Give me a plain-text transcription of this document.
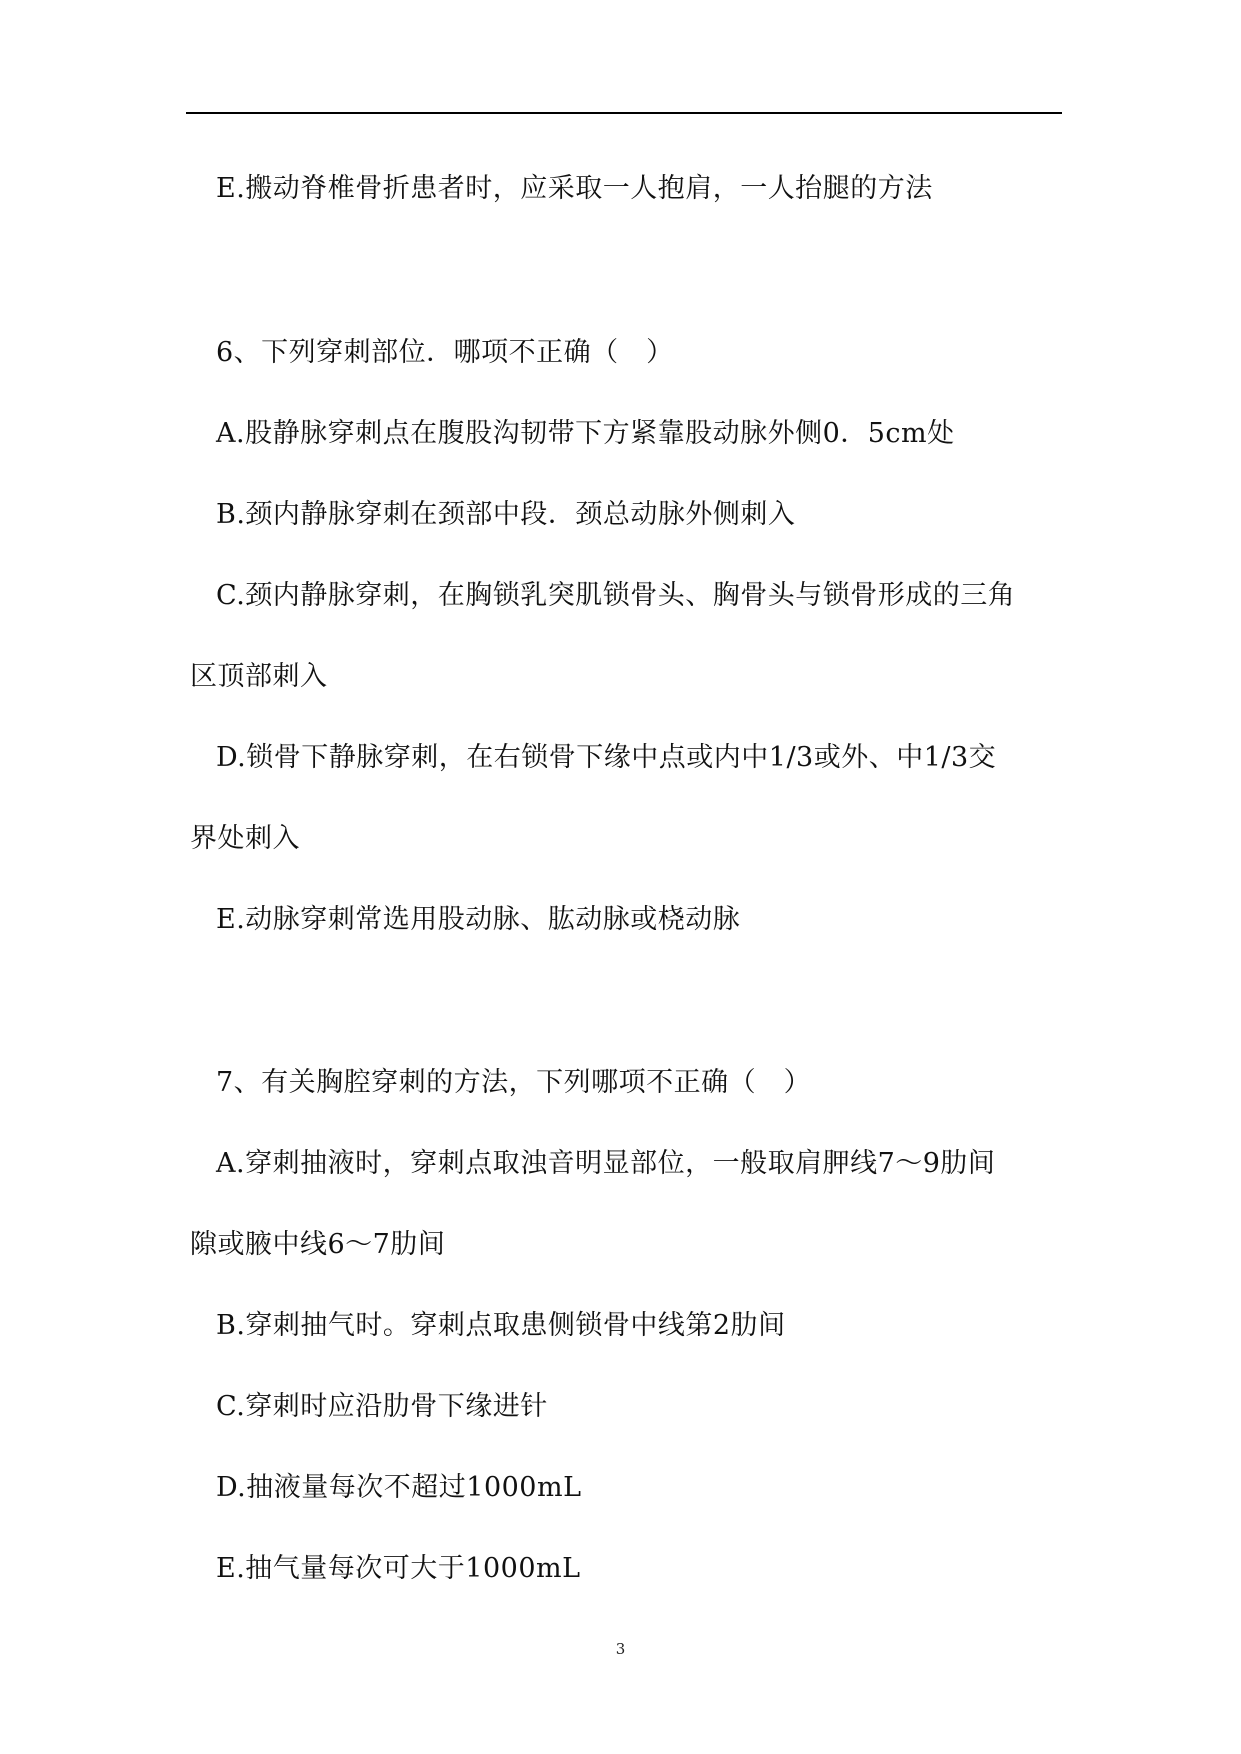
E.搬动脊椎骨折患者时，应采取一人抱肩，一人抬腿的方法
6、下列穿刺部位．哪项不正确（　）
A.股静脉穿刺点在腹股沟韧带下方紧靠股动脉外侧0．5cm处
B.颈内静脉穿刺在颈部中段．颈总动脉外侧刺入
C.颈内静脉穿刺，在胸锁乳突肌锁骨头、胸骨头与锁骨形成的三角
区顶部刺入
D.锁骨下静脉穿刺，在右锁骨下缘中点或内中1/3或外、中1/3交
界处刺入
E.动脉穿刺常选用股动脉、肱动脉或桡动脉
7、有关胸腔穿刺的方法，下列哪项不正确（　）
A.穿刺抽液时，穿刺点取浊音明显部位，一般取肩胛线7～9肋间
隙或腋中线6～7肋间
B.穿刺抽气时。穿刺点取患侧锁骨中线第2肋间
C.穿刺时应沿肋骨下缘进针
D.抽液量每次不超过1000mL
E.抽气量每次可大于1000mL
3
